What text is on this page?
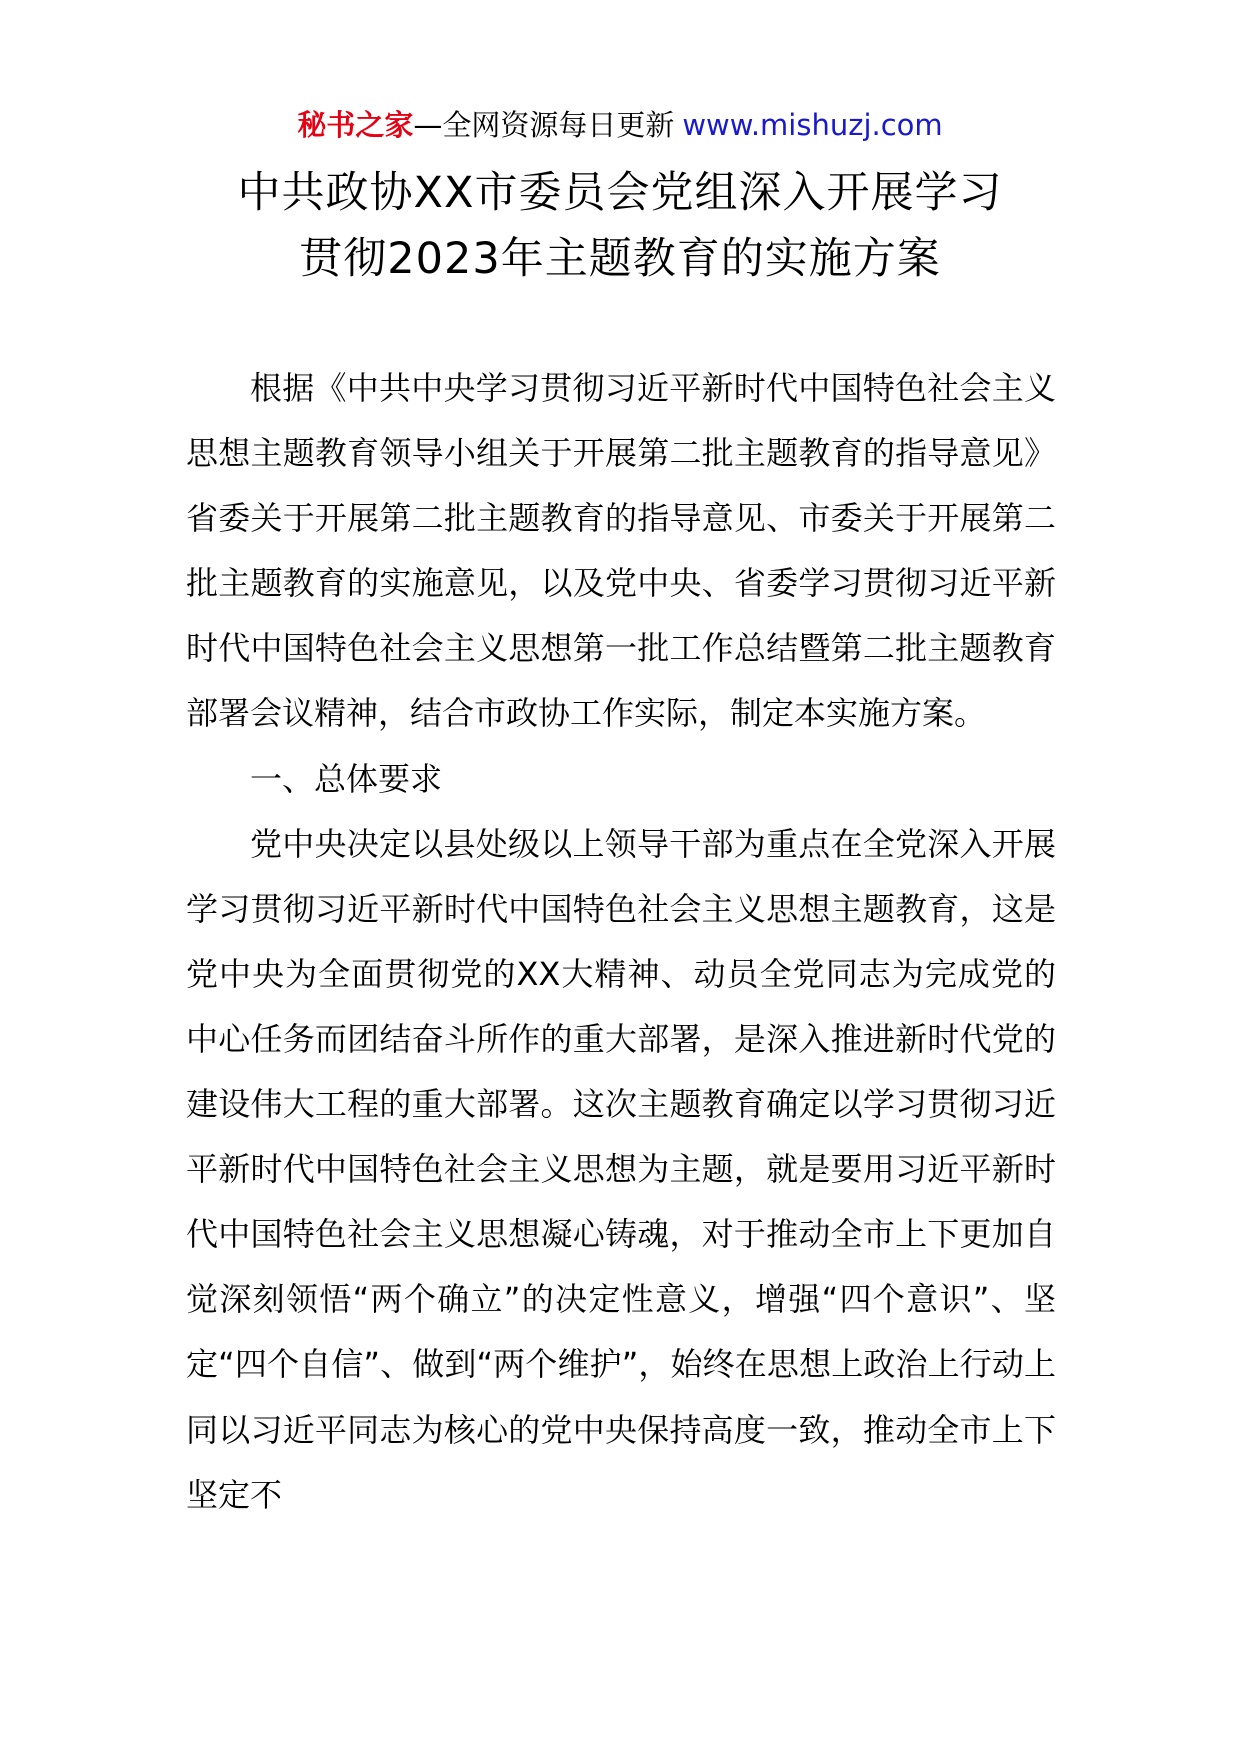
秘书之家—全网资源每日更新 www.mishuzj.com
中共政协XX市委员会党组深入开展学习
贯彻2023年主题教育的实施方案

根据《中共中央学习贯彻习近平新时代中国特色社会主义思想主题教育领导小组关于开展第二批主题教育的指导意见》省委关于开展第二批主题教育的指导意见、市委关于开展第二批主题教育的实施意见，以及党中央、省委学习贯彻习近平新时代中国特色社会主义思想第一批工作总结暨第二批主题教育部署会议精神，结合市政协工作实际，制定本实施方案。

一、总体要求

党中央决定以县处级以上领导干部为重点在全党深入开展学习贯彻习近平新时代中国特色社会主义思想主题教育，这是党中央为全面贯彻党的XX大精神、动员全党同志为完成党的中心任务而团结奋斗所作的重大部署，是深入推进新时代党的建设伟大工程的重大部署。这次主题教育确定以学习贯彻习近平新时代中国特色社会主义思想为主题，就是要用习近平新时代中国特色社会主义思想凝心铸魂，对于推动全市上下更加自觉深刻领悟“两个确立”的决定性意义，增强“四个意识”、坚定“四个自信”、做到“两个维护”，始终在思想上政治上行动上同以习近平同志为核心的党中央保持高度一致，推动全市上下坚定不
